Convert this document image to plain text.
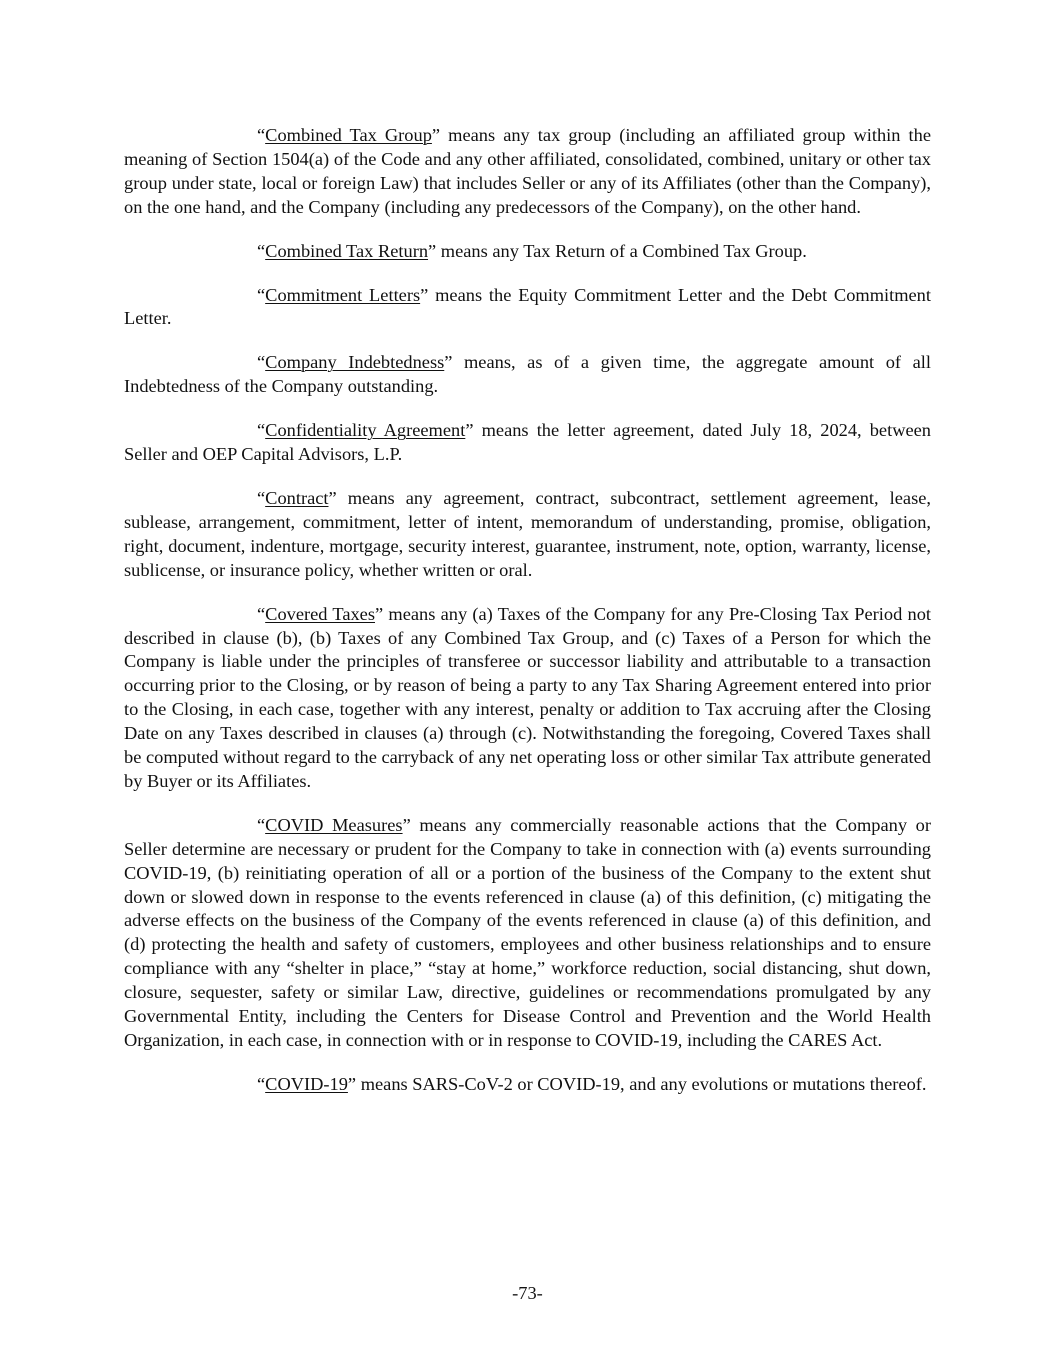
“Combined Tax Group” means any tax group (including an affiliated group within the meaning of Section 1504(a) of the Code and any other affiliated, consolidated, combined, unitary or other tax group under state, local or foreign Law) that includes Seller or any of its Affiliates (other than the Company), on the one hand, and the Company (including any predecessors of the Company), on the other hand.

“Combined Tax Return” means any Tax Return of a Combined Tax Group.

“Commitment Letters” means the Equity Commitment Letter and the Debt Commitment Letter.

“Company Indebtedness” means, as of a given time, the aggregate amount of all Indebtedness of the Company outstanding.

“Confidentiality Agreement” means the letter agreement, dated July 18, 2024, between Seller and OEP Capital Advisors, L.P.

“Contract” means any agreement, contract, subcontract, settlement agreement, lease, sublease, arrangement, commitment, letter of intent, memorandum of understanding, promise, obligation, right, document, indenture, mortgage, security interest, guarantee, instrument, note, option, warranty, license, sublicense, or insurance policy, whether written or oral.

“Covered Taxes” means any (a) Taxes of the Company for any Pre-Closing Tax Period not described in clause (b), (b) Taxes of any Combined Tax Group, and (c) Taxes of a Person for which the Company is liable under the principles of transferee or successor liability and attributable to a transaction occurring prior to the Closing, or by reason of being a party to any Tax Sharing Agreement entered into prior to the Closing, in each case, together with any interest, penalty or addition to Tax accruing after the Closing Date on any Taxes described in clauses (a) through (c). Notwithstanding the foregoing, Covered Taxes shall be computed without regard to the carryback of any net operating loss or other similar Tax attribute generated by Buyer or its Affiliates.

“COVID Measures” means any commercially reasonable actions that the Company or Seller determine are necessary or prudent for the Company to take in connection with (a) events surrounding COVID-19, (b) reinitiating operation of all or a portion of the business of the Company to the extent shut down or slowed down in response to the events referenced in clause (a) of this definition, (c) mitigating the adverse effects on the business of the Company of the events referenced in clause (a) of this definition, and (d) protecting the health and safety of customers, employees and other business relationships and to ensure compliance with any “shelter in place,” “stay at home,” workforce reduction, social distancing, shut down, closure, sequester, safety or similar Law, directive, guidelines or recommendations promulgated by any Governmental Entity, including the Centers for Disease Control and Prevention and the World Health Organization, in each case, in connection with or in response to COVID-19, including the CARES Act.

“COVID-19” means SARS-CoV-2 or COVID-19, and any evolutions or mutations thereof.

-73-
